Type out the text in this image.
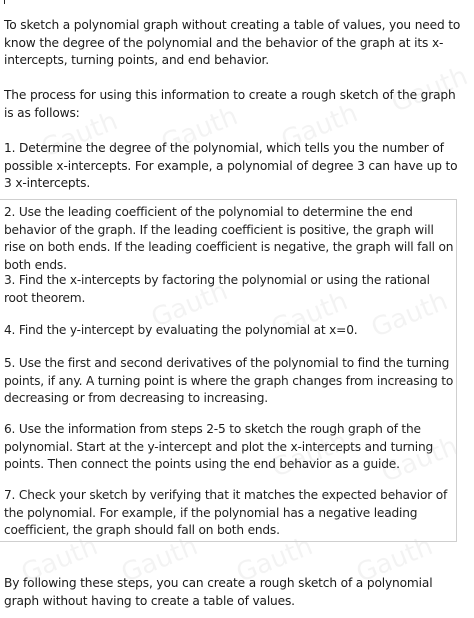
To sketch a polynomial graph without creating a table of values, you need to know the degree of the polynomial and the behavior of the graph at its x-intercepts, turning points, and end behavior.

The process for using this information to create a rough sketch of the graph is as follows:

1. Determine the degree of the polynomial, which tells you the number of possible x-intercepts. For example, a polynomial of degree 3 can have up to 3 x-intercepts.

2. Use the leading coefficient of the polynomial to determine the end behavior of the graph. If the leading coefficient is positive, the graph will rise on both ends. If the leading coefficient is negative, the graph will fall on both ends.

3. Find the x-intercepts by factoring the polynomial or using the rational root theorem.

4. Find the y-intercept by evaluating the polynomial at x=0.

5. Use the first and second derivatives of the polynomial to find the turning points, if any. A turning point is where the graph changes from increasing to decreasing or from decreasing to increasing.

6. Use the information from steps 2-5 to sketch the rough graph of the polynomial. Start at the y-intercept and plot the x-intercepts and turning points. Then connect the points using the end behavior as a guide.

7. Check your sketch by verifying that it matches the expected behavior of the polynomial. For example, if the polynomial has a negative leading coefficient, the graph should fall on both ends.

By following these steps, you can create a rough sketch of a polynomial graph without having to create a table of values.
